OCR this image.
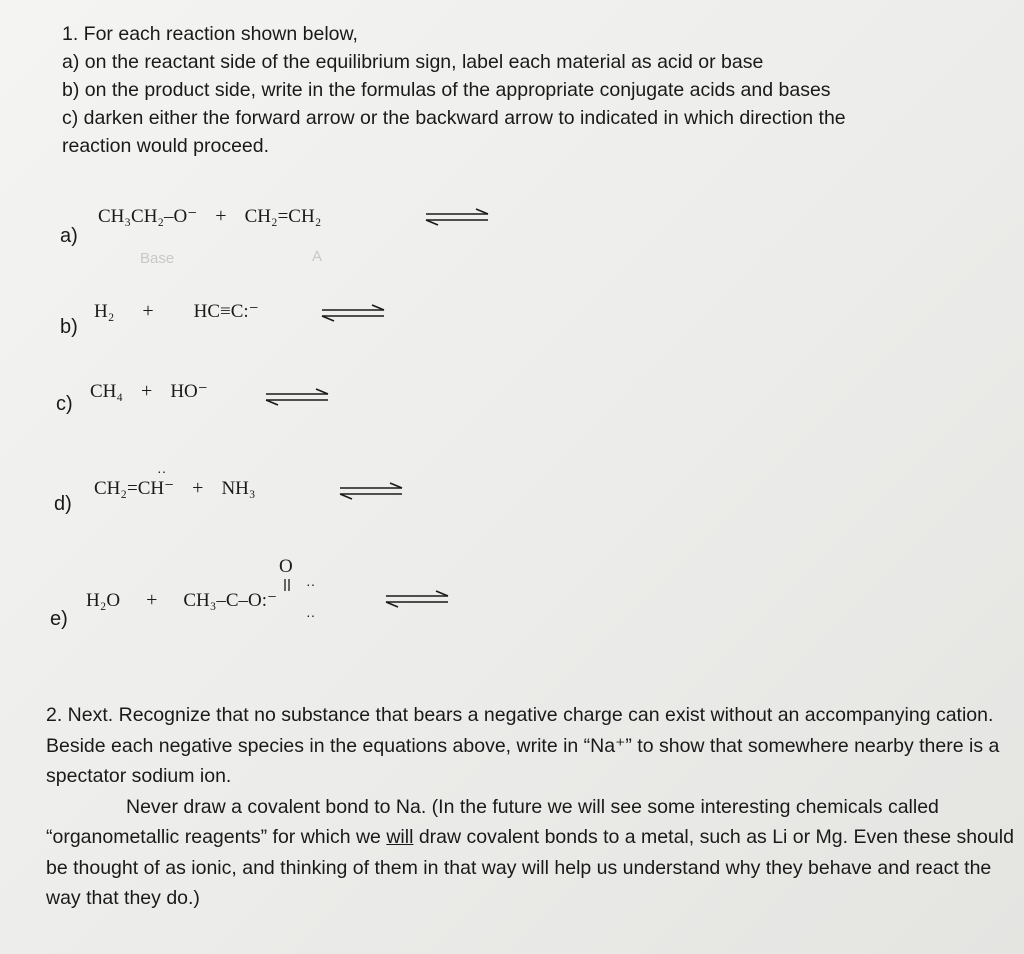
1. For each reaction shown below,
a) on the reactant side of the equilibrium sign, label each material as acid or base
b) on the product side, write in the formulas of the appropriate conjugate acids and bases
c) darken either the forward arrow or the backward arrow to indicated in which direction the
reaction would proceed.
a)
CH₃CH₂–O⁻ + CH₂=CH₂
Base	A
b)
H₂ + HC≡C:⁻
c)
CH₄ + HO⁻
d)
··
CH₂=CH⁻ + NH₃
e)
O
··
··
H₂O + CH₃–C–O:⁻

2. Next. Recognize that no substance that bears a negative charge can exist without an accompanying cation. Beside each negative species in the equations above, write in “Na⁺” to show that somewhere nearby there is a spectator sodium ion.

Never draw a covalent bond to Na. (In the future we will see some interesting chemicals called “organometallic reagents” for which we will draw covalent bonds to a metal, such as Li or Mg. Even these should be thought of as ionic, and thinking of them in that way will help us understand why they behave and react the way that they do.)
